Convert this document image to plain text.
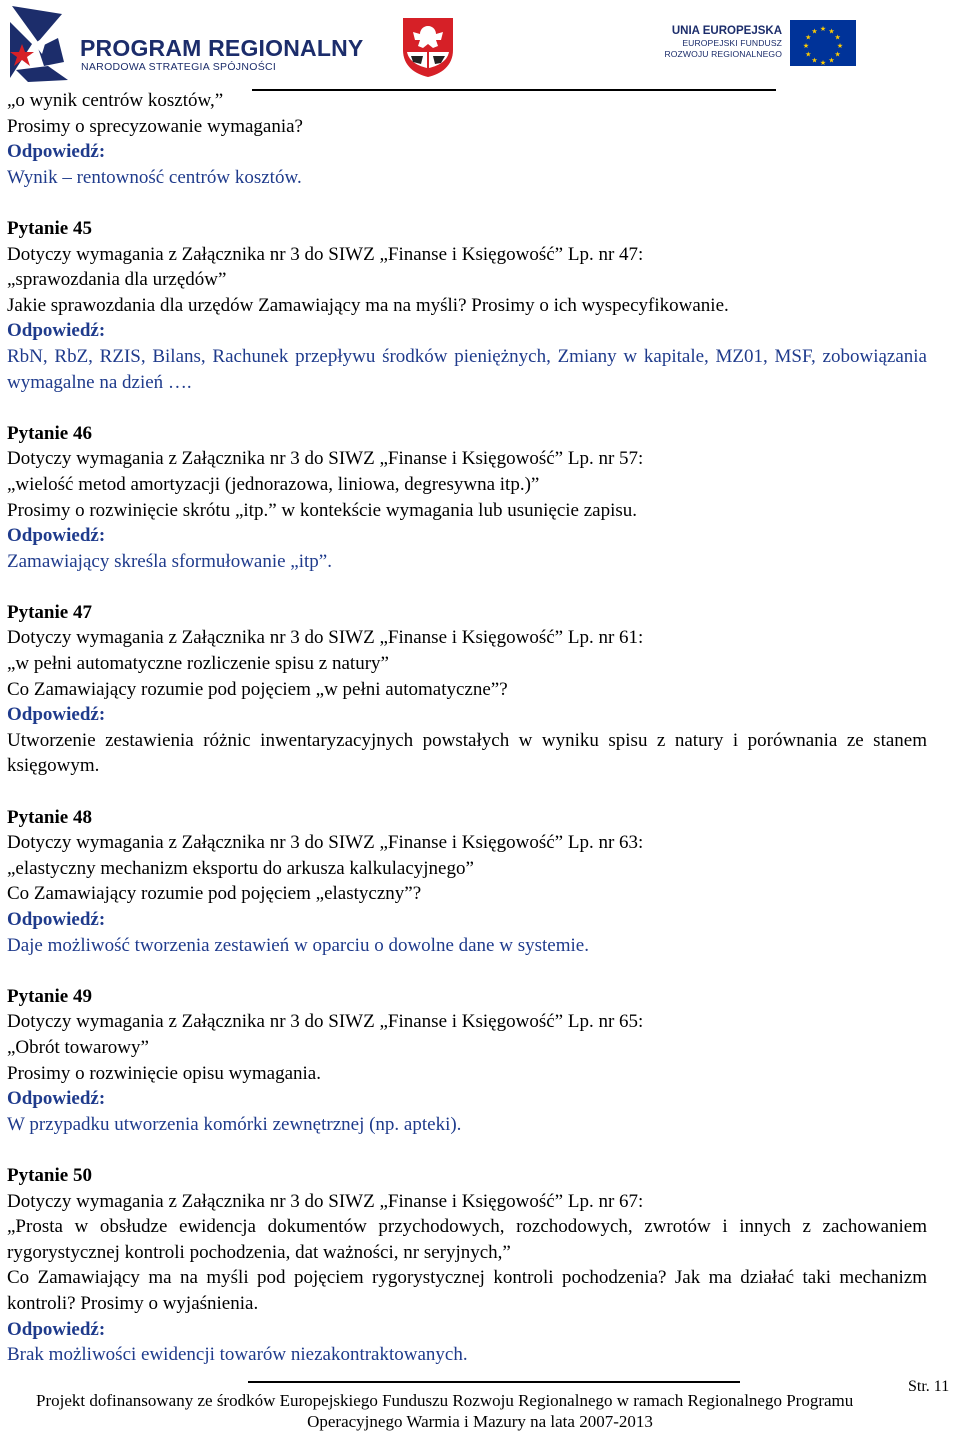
PROGRAM REGIONALNY
NARODOWA STRATEGIA SPÓJNOŚCI
UNIA EUROPEJSKA
EUROPEJSKI FUNDUSZ
ROZWOJU REGIONALNEGO
★ ★
★
★
★
★
★
★
★
★
★
★

„o wynik centrów kosztów,”

Prosimy o sprecyzowanie wymagania?

Odpowiedź:

Wynik – rentowność centrów kosztów.

Pytanie 45

Dotyczy wymagania z Załącznika nr 3 do SIWZ „Finanse i Księgowość” Lp. nr 47:

„sprawozdania dla urzędów”

Jakie sprawozdania dla urzędów Zamawiający ma na myśli? Prosimy o ich wyspecyfikowanie.

Odpowiedź:

RbN, RbZ, RZIS, Bilans, Rachunek przepływu środków pieniężnych, Zmiany w kapitale, MZ01, MSF, zobowiązania wymagalne na dzień ….

Pytanie 46

Dotyczy wymagania z Załącznika nr 3 do SIWZ „Finanse i Księgowość” Lp. nr 57:

„wielość metod amortyzacji (jednorazowa, liniowa, degresywna itp.)”

Prosimy o rozwinięcie skrótu „itp.” w kontekście wymagania lub usunięcie zapisu.

Odpowiedź:

Zamawiający skreśla sformułowanie „itp”.

Pytanie 47

Dotyczy wymagania z Załącznika nr 3 do SIWZ „Finanse i Księgowość” Lp. nr 61:

„w pełni automatyczne rozliczenie spisu z natury”

Co Zamawiający rozumie pod pojęciem „w pełni automatyczne”?

Odpowiedź:

Utworzenie zestawienia różnic inwentaryzacyjnych powstałych w wyniku spisu z natury i porównania ze stanem księgowym.

Pytanie 48

Dotyczy wymagania z Załącznika nr 3 do SIWZ „Finanse i Księgowość” Lp. nr 63:

„elastyczny mechanizm eksportu do arkusza kalkulacyjnego”

Co Zamawiający rozumie pod pojęciem „elastyczny”?

Odpowiedź:

Daje możliwość tworzenia zestawień w oparciu o dowolne dane w systemie.

Pytanie 49

Dotyczy wymagania z Załącznika nr 3 do SIWZ „Finanse i Księgowość” Lp. nr 65:

„Obrót towarowy”

Prosimy o rozwinięcie opisu wymagania.

Odpowiedź:

W przypadku utworzenia komórki zewnętrznej (np. apteki).

Pytanie 50

Dotyczy wymagania z Załącznika nr 3 do SIWZ „Finanse i Księgowość” Lp. nr 67:

„Prosta w obsłudze ewidencja dokumentów przychodowych, rozchodowych, zwrotów i innych z zachowaniem rygorystycznej kontroli pochodzenia, dat ważności, nr seryjnych,”

Co Zamawiający ma na myśli pod pojęciem rygorystycznej kontroli pochodzenia? Jak ma działać taki mechanizm kontroli? Prosimy o wyjaśnienia.

Odpowiedź:

Brak możliwości ewidencji towarów niezakontraktowanych.

Str. 11
Projekt dofinansowany ze środków Europejskiego Funduszu Rozwoju Regionalnego w ramach Regionalnego Programu
Operacyjnego Warmia i Mazury na lata 2007-2013
